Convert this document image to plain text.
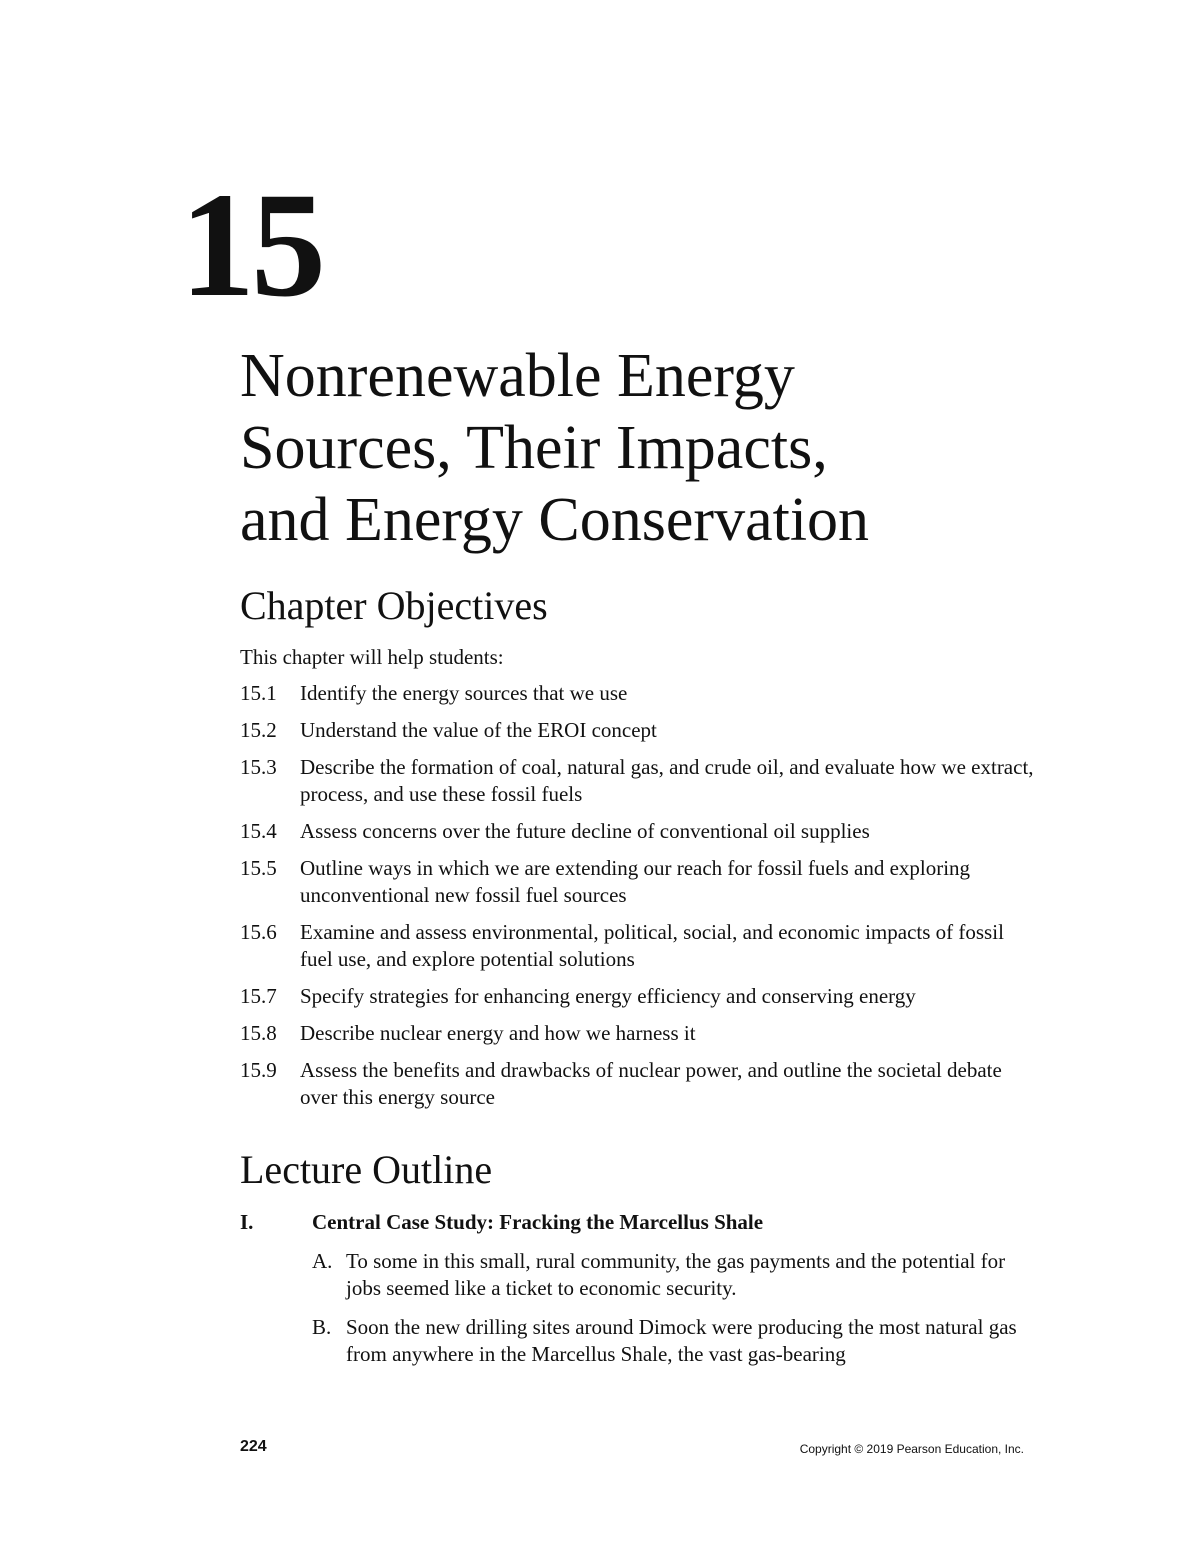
15
Nonrenewable Energy
Sources, Their Impacts,
and Energy Conservation
Chapter Objectives

This chapter will help students:

15.1	Identify the energy sources that we use
15.2	Understand the value of the EROI concept
15.3	Describe the formation of coal, natural gas, and crude oil, and evaluate how we extract, process, and use these fossil fuels
15.4	Assess concerns over the future decline of conventional oil supplies
15.5	Outline ways in which we are extending our reach for fossil fuels and exploring unconventional new fossil fuel sources
15.6	Examine and assess environmental, political, social, and economic impacts of fossil fuel use, and explore potential solutions
15.7	Specify strategies for enhancing energy efficiency and conserving energy
15.8	Describe nuclear energy and how we harness it
15.9	Assess the benefits and drawbacks of nuclear power, and outline the societal debate over this energy source
Lecture Outline
I.	Central Case Study: Fracking the Marcellus Shale
A. To some in this small, rural community, the gas payments and the potential for jobs seemed like a ticket to economic security.
B. Soon the new drilling sites around Dimock were producing the most natural gas from anywhere in the Marcellus Shale, the vast gas-bearing
224	Copyright © 2019 Pearson Education, Inc.
